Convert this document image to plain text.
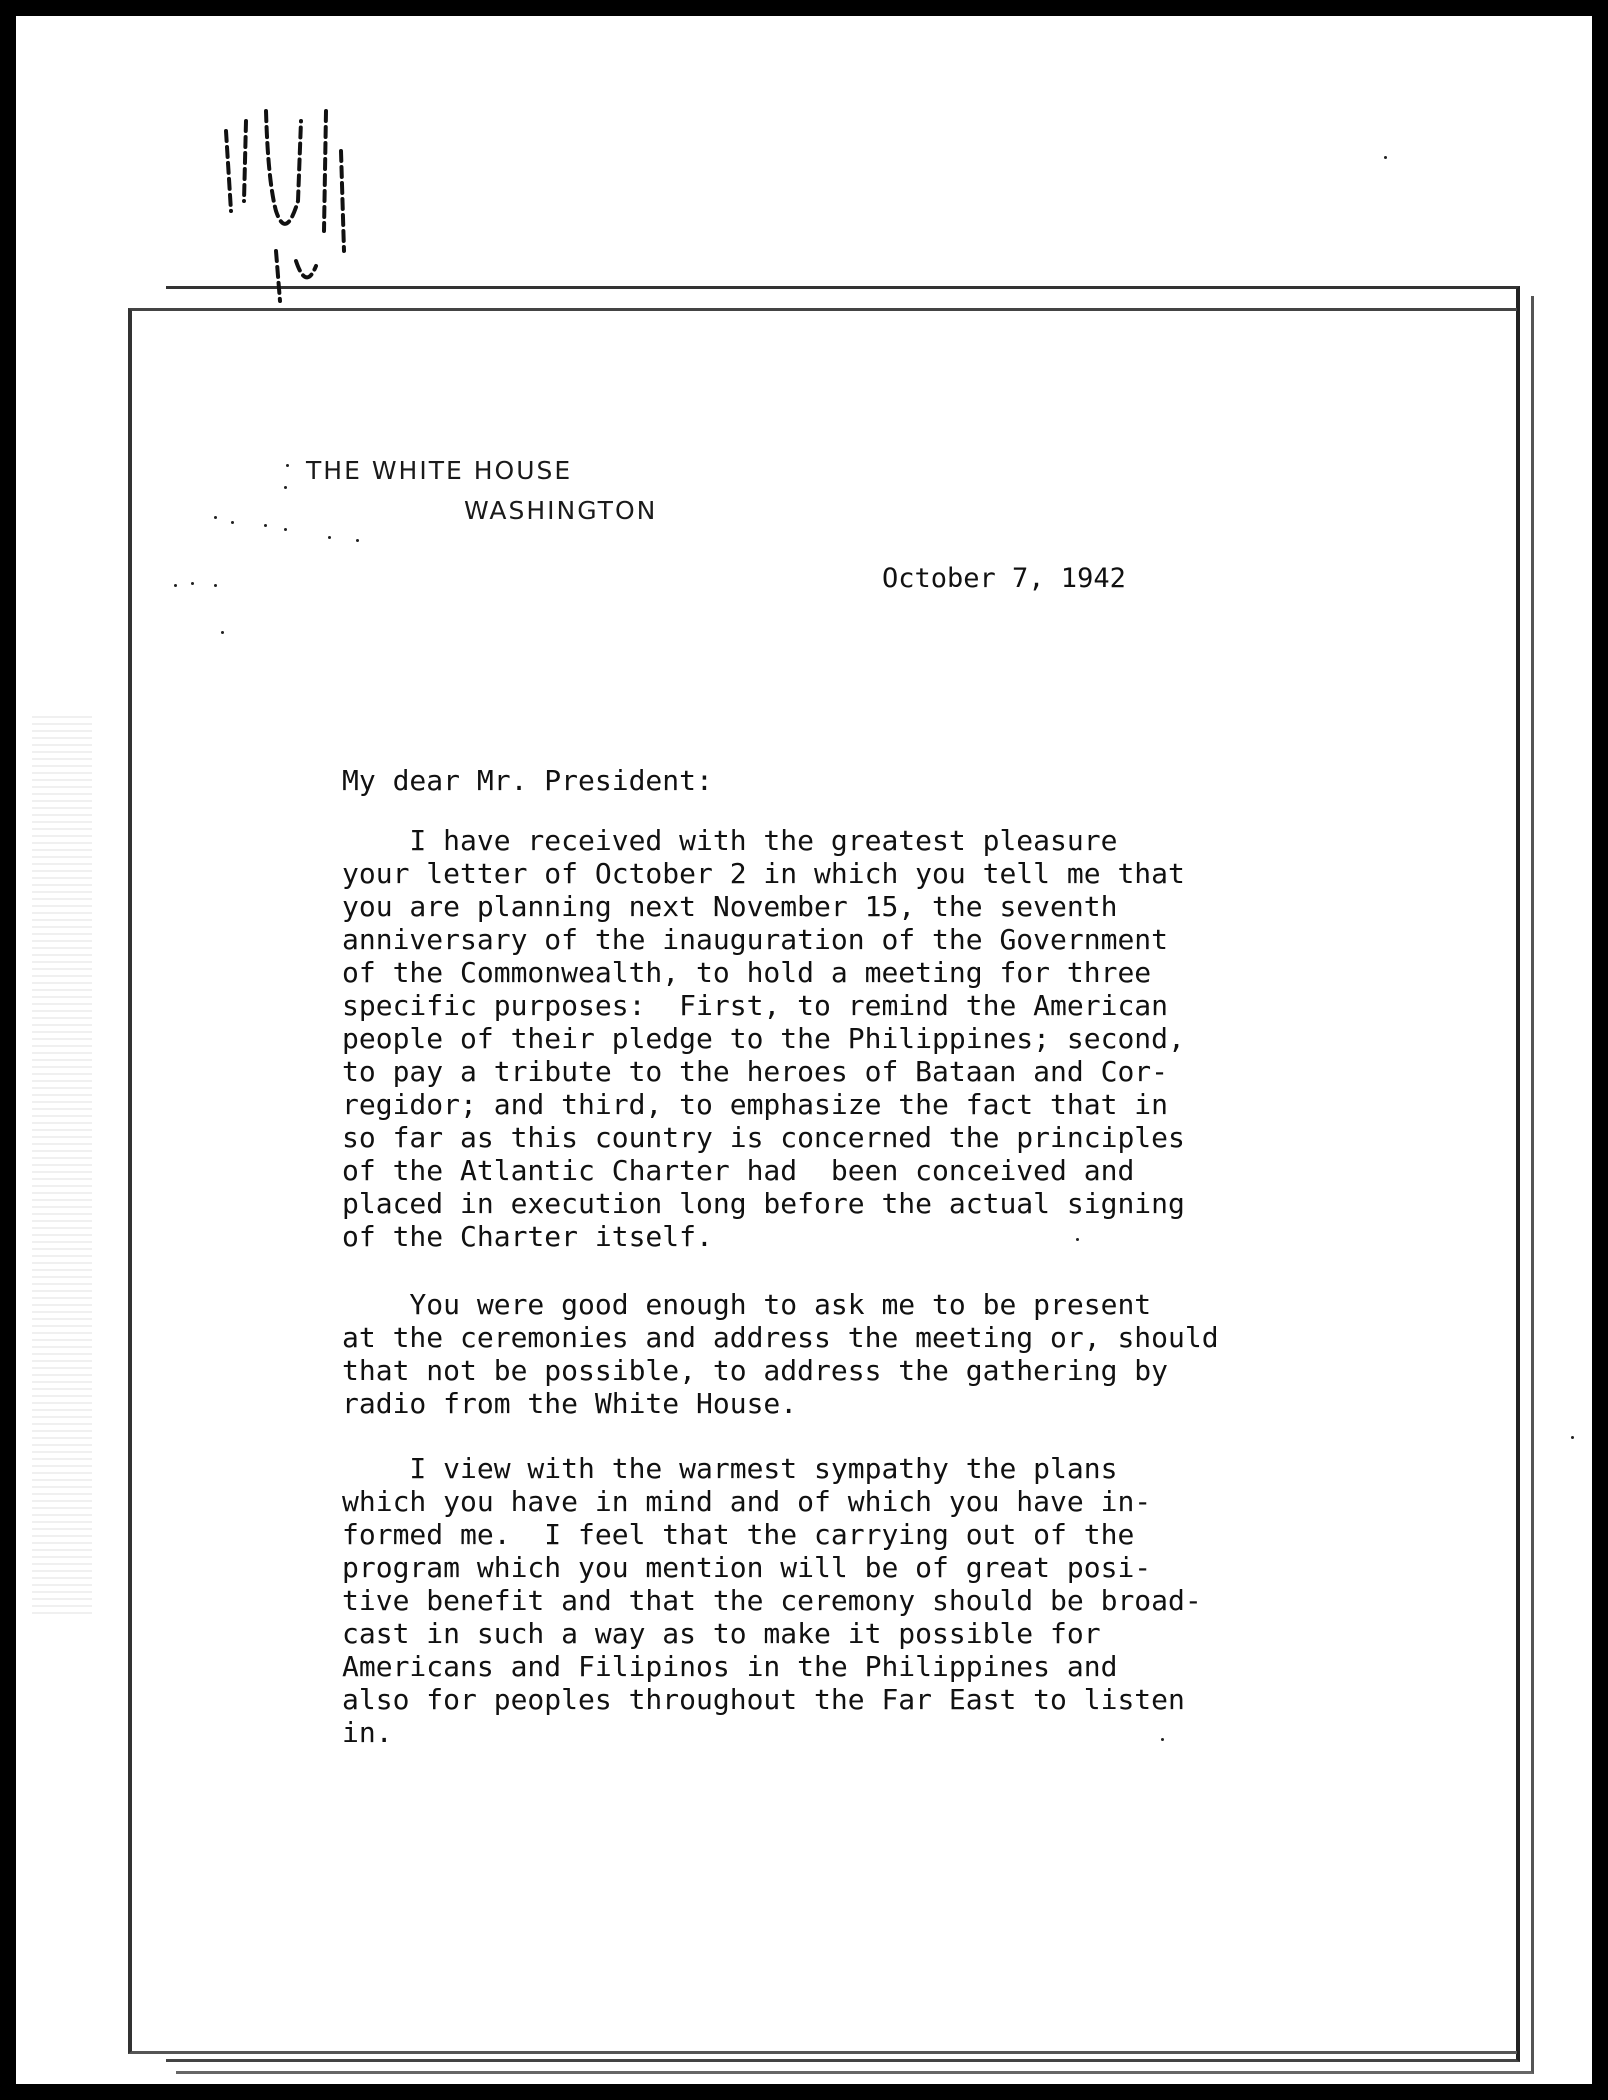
THE WHITE HOUSE
WASHINGTON
October 7, 1942
My dear Mr. President:
I have received with the greatest pleasure
your letter of October 2 in which you tell me that
you are planning next November 15, the seventh
anniversary of the inauguration of the Government
of the Commonwealth, to hold a meeting for three
specific purposes:  First, to remind the American
people of their pledge to the Philippines; second,
to pay a tribute to the heroes of Bataan and Cor-
regidor; and third, to emphasize the fact that in
so far as this country is concerned the principles
of the Atlantic Charter had  been conceived and
placed in execution long before the actual signing
of the Charter itself.
You were good enough to ask me to be present
at the ceremonies and address the meeting or, should
that not be possible, to address the gathering by
radio from the White House.
I view with the warmest sympathy the plans
which you have in mind and of which you have in-
formed me.  I feel that the carrying out of the
program which you mention will be of great posi-
tive benefit and that the ceremony should be broad-
cast in such a way as to make it possible for
Americans and Filipinos in the Philippines and
also for peoples throughout the Far East to listen
in.
